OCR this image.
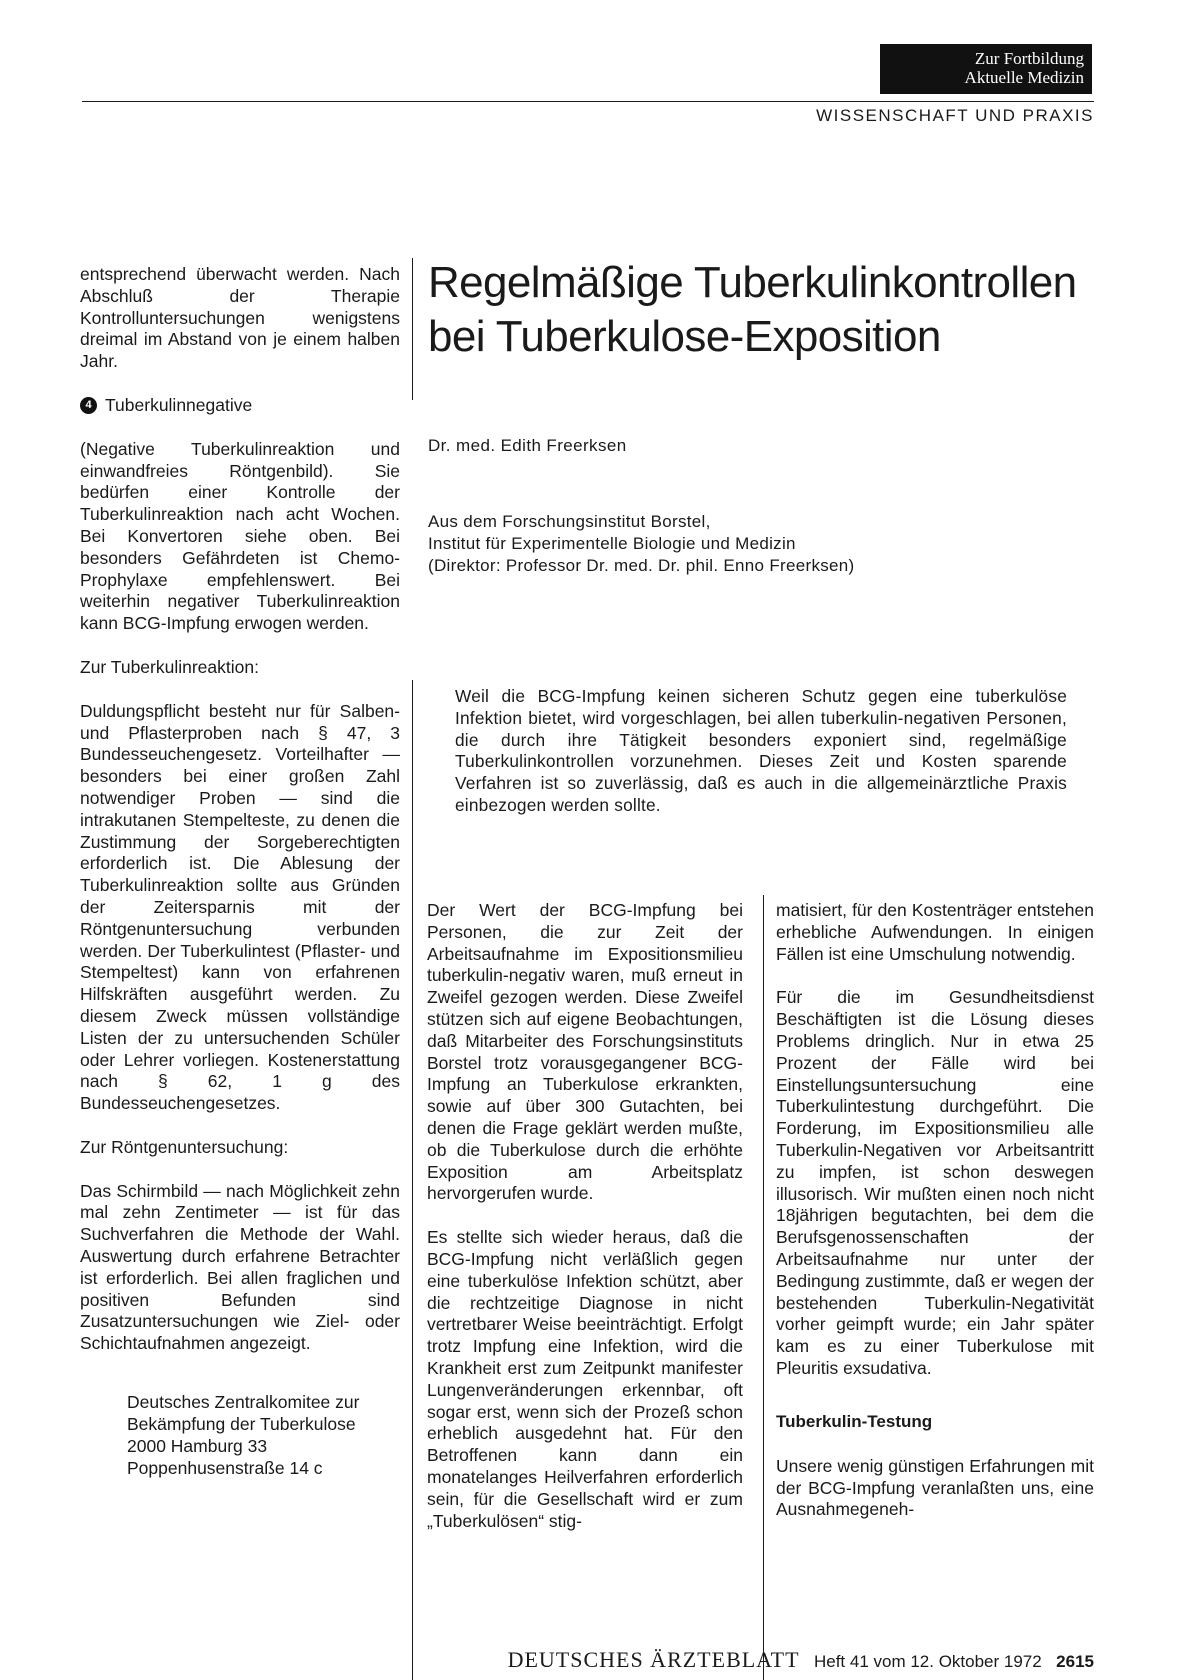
Zur Fortbildung
Aktuelle Medizin
WISSENSCHAFT UND PRAXIS

entsprechend überwacht werden. Nach Abschluß der Therapie Kontrolluntersuchungen wenigstens dreimal im Abstand von je einem halben Jahr.

4 Tuberkulinnegative

(Negative Tuberkulinreaktion und einwandfreies Röntgenbild). Sie bedürfen einer Kontrolle der Tuberkulinreaktion nach acht Wochen. Bei Konvertoren siehe oben. Bei besonders Gefährdeten ist Chemo-Prophylaxe empfehlenswert. Bei weiterhin negativer Tuberkulinreaktion kann BCG-Impfung erwogen werden.

Zur Tuberkulinreaktion:

Duldungspflicht besteht nur für Salben- und Pflasterproben nach § 47, 3 Bundesseuchengesetz. Vorteilhafter — besonders bei einer großen Zahl notwendiger Proben — sind die intrakutanen Stempelteste, zu denen die Zustimmung der Sorgeberechtigten erforderlich ist. Die Ablesung der Tuberkulinreaktion sollte aus Gründen der Zeitersparnis mit der Röntgenuntersuchung verbunden werden. Der Tuberkulintest (Pflaster- und Stempeltest) kann von erfahrenen Hilfskräften ausgeführt werden. Zu diesem Zweck müssen vollständige Listen der zu untersuchenden Schüler oder Lehrer vorliegen. Kostenerstattung nach § 62, 1 g des Bundesseuchengesetzes.

Zur Röntgenuntersuchung:

Das Schirmbild — nach Möglichkeit zehn mal zehn Zentimeter — ist für das Suchverfahren die Methode der Wahl. Auswertung durch erfahrene Betrachter ist erforderlich. Bei allen fraglichen und positiven Befunden sind Zusatzuntersuchungen wie Ziel- oder Schichtaufnahmen angezeigt.

Deutsches Zentralkomitee zur
Bekämpfung der Tuberkulose
2000 Hamburg 33
Poppenhusenstraße 14 c
Regelmäßige Tuberkulinkontrollen
bei Tuberkulose-Exposition
Dr. med. Edith Freerksen
Aus dem Forschungsinstitut Borstel,
Institut für Experimentelle Biologie und Medizin
(Direktor: Professor Dr. med. Dr. phil. Enno Freerksen)

Weil die BCG-Impfung keinen sicheren Schutz gegen eine tuberkulöse Infektion bietet, wird vorgeschlagen, bei allen tuberkulin-negativen Personen, die durch ihre Tätigkeit besonders exponiert sind, regelmäßige Tuberkulinkontrollen vorzunehmen. Dieses Zeit und Kosten sparende Verfahren ist so zuverlässig, daß es auch in die allgemeinärztliche Praxis einbezogen werden sollte.

Der Wert der BCG-Impfung bei Personen, die zur Zeit der Arbeitsaufnahme im Expositionsmilieu tuberkulin-negativ waren, muß erneut in Zweifel gezogen werden. Diese Zweifel stützen sich auf eigene Beobachtungen, daß Mitarbeiter des Forschungsinstituts Borstel trotz vorausgegangener BCG-Impfung an Tuberkulose erkrankten, sowie auf über 300 Gutachten, bei denen die Frage geklärt werden mußte, ob die Tuberkulose durch die erhöhte Exposition am Arbeitsplatz hervorgerufen wurde.

Es stellte sich wieder heraus, daß die BCG-Impfung nicht verläßlich gegen eine tuberkulöse Infektion schützt, aber die rechtzeitige Diagnose in nicht vertretbarer Weise beeinträchtigt. Erfolgt trotz Impfung eine Infektion, wird die Krankheit erst zum Zeitpunkt manifester Lungenveränderungen erkennbar, oft sogar erst, wenn sich der Prozeß schon erheblich ausgedehnt hat. Für den Betroffenen kann dann ein monatelanges Heilverfahren erforderlich sein, für die Gesellschaft wird er zum „Tuberkulösen“ stig-

matisiert, für den Kostenträger entstehen erhebliche Aufwendungen. In einigen Fällen ist eine Umschulung notwendig.

Für die im Gesundheitsdienst Beschäftigten ist die Lösung dieses Problems dringlich. Nur in etwa 25 Prozent der Fälle wird bei Einstellungsuntersuchung eine Tuberkulintestung durchgeführt. Die Forderung, im Expositionsmilieu alle Tuberkulin-Negativen vor Arbeitsantritt zu impfen, ist schon deswegen illusorisch. Wir mußten einen noch nicht 18jährigen begutachten, bei dem die Berufsgenossenschaften der Arbeitsaufnahme nur unter der Bedingung zustimmte, daß er wegen der bestehenden Tuberkulin-Negativität vorher geimpft wurde; ein Jahr später kam es zu einer Tuberkulose mit Pleuritis exsudativa.

Tuberkulin-Testung

Unsere wenig günstigen Erfahrungen mit der BCG-Impfung veranlaßten uns, eine Ausnahmegeneh-

DEUTSCHES ÄRZTEBLATT Heft 41 vom 12. Oktober 1972 2615
